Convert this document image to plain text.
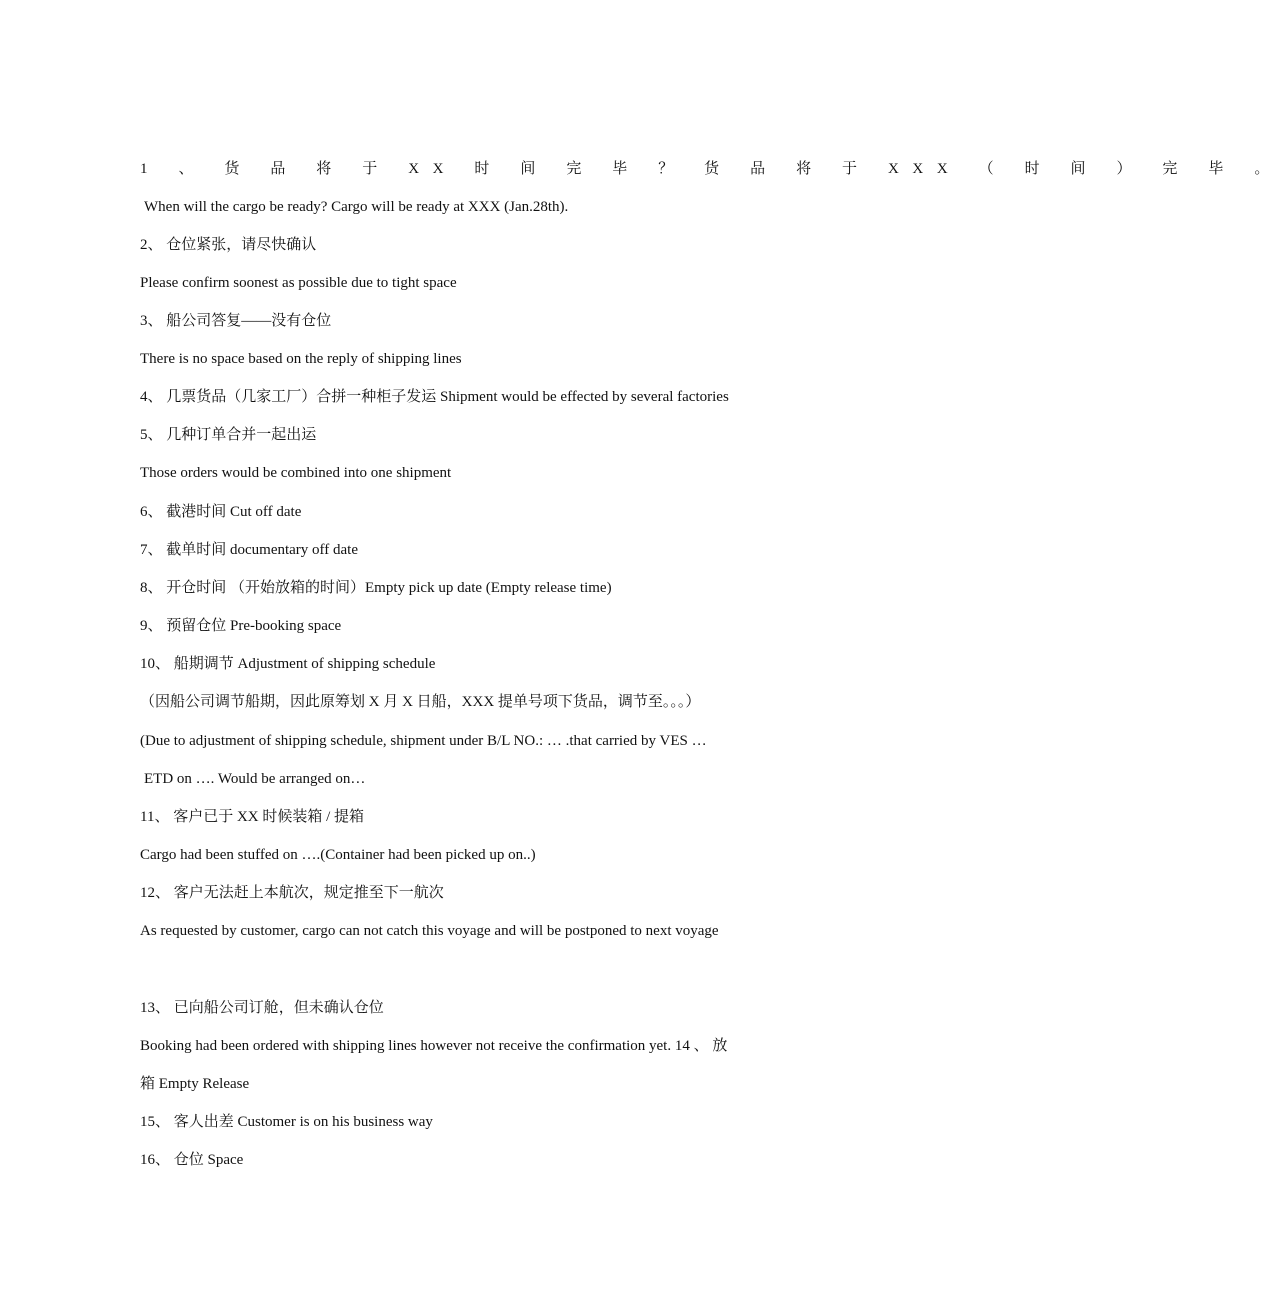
1 、 货 品 将 于 XX 时 间 完 毕 ？ 货 品 将 于 XXX （ 时 间 ） 完 毕 。
When will the cargo be ready? Cargo will be ready at XXX (Jan.28th).
2、 仓位紧张，请尽快确认
Please confirm soonest as possible due to tight space
3、 船公司答复——没有仓位
There is no space based on the reply of shipping lines
4、 几票货品（几家工厂）合拼一种柜子发运 Shipment would be effected by several factories
5、 几种订单合并一起出运
Those orders would be combined into one shipment
6、 截港时间 Cut off date
7、 截单时间 documentary off date
8、 开仓时间 （开始放箱的时间）Empty pick up date (Empty release time)
9、 预留仓位 Pre-booking space
10、 船期调节 Adjustment of shipping schedule
（因船公司调节船期，因此原筹划 X 月 X 日船，XXX 提单号项下货品，调节至。。。）
(Due to adjustment of shipping schedule, shipment under B/L NO.: … .that carried by VES …
ETD on …. Would be arranged on…
11、 客户已于 XX 时候装箱 / 提箱
Cargo had been stuffed on ….(Container had been picked up on..)
12、 客户无法赶上本航次，规定推至下一航次
As requested by customer, cargo can not catch this voyage and will be postponed to next voyage
13、 已向船公司订舱，但未确认仓位
Booking had been ordered with shipping lines however not receive the confirmation yet. 14 、 放
箱 Empty Release
15、 客人出差 Customer is on his business way
16、 仓位 Space
